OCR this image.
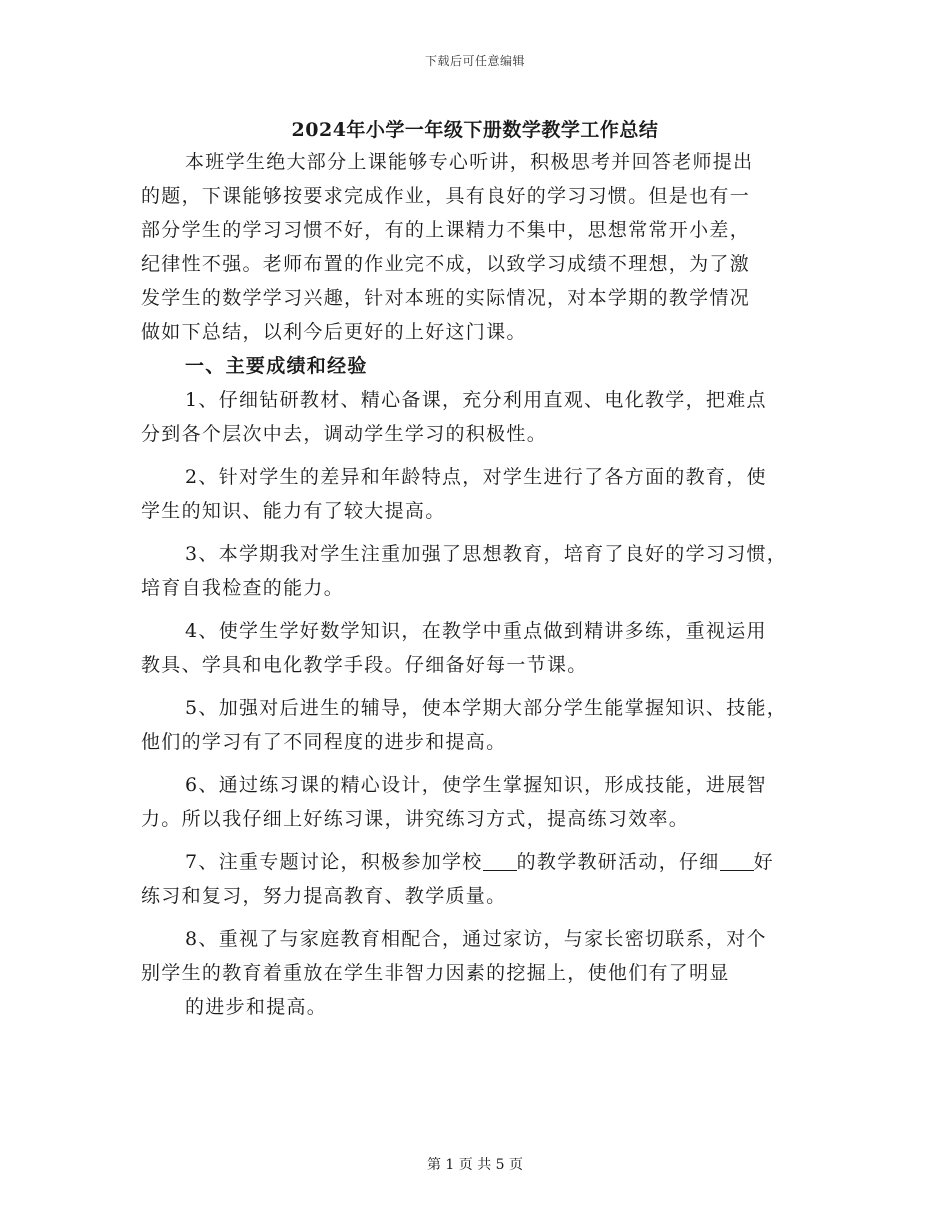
下载后可任意编辑
2024年小学一年级下册数学教学工作总结
本班学生绝大部分上课能够专心听讲，积极思考并回答老师提出
的题，下课能够按要求完成作业，具有良好的学习习惯。但是也有一
部分学生的学习习惯不好，有的上课精力不集中，思想常常开小差，
纪律性不强。老师布置的作业完不成，以致学习成绩不理想，为了激
发学生的数学学习兴趣，针对本班的实际情况，对本学期的教学情况
做如下总结，以利今后更好的上好这门课。
一、主要成绩和经验
1、仔细钻研教材、精心备课，充分利用直观、电化教学，把难点
分到各个层次中去，调动学生学习的积极性。
2、针对学生的差异和年龄特点，对学生进行了各方面的教育，使
学生的知识、能力有了较大提高。
3、本学期我对学生注重加强了思想教育，培育了良好的学习习惯，
培育自我检查的能力。
4、使学生学好数学知识，在教学中重点做到精讲多练，重视运用
教具、学具和电化教学手段。仔细备好每一节课。
5、加强对后进生的辅导，使本学期大部分学生能掌握知识、技能，
他们的学习有了不同程度的进步和提高。
6、通过练习课的精心设计，使学生掌握知识，形成技能，进展智
力。所以我仔细上好练习课，讲究练习方式，提高练习效率。
7、注重专题讨论，积极参加学校 的教学教研活动，仔细 好
练习和复习，努力提高教育、教学质量。
8、重视了与家庭教育相配合，通过家访，与家长密切联系，对个
别学生的教育着重放在学生非智力因素的挖掘上，使他们有了明显
的进步和提高。
第 1 页 共 5 页
